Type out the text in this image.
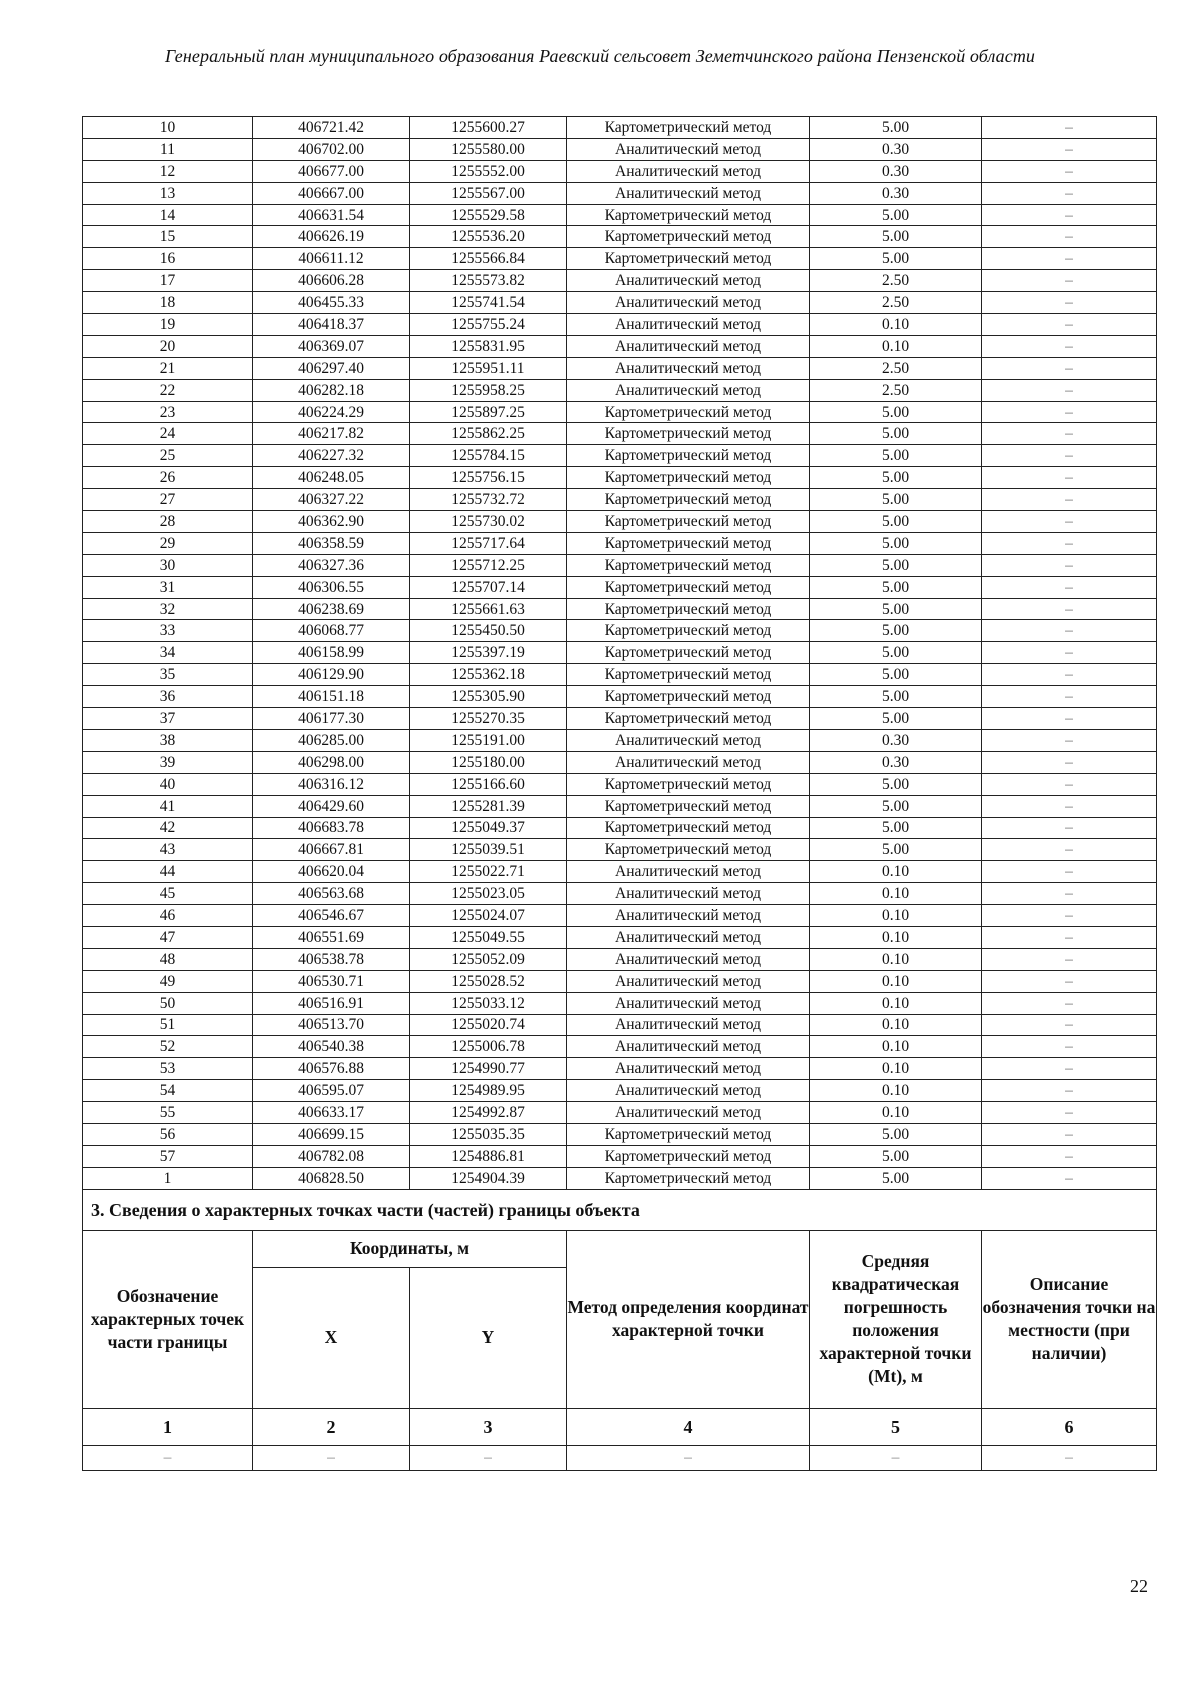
Генеральный план муниципального образования Раевский сельсовет Земетчинского района Пензенской области
10	406721.42	1255600.27	Картометрический метод	5.00	–
11	406702.00	1255580.00	Аналитический метод	0.30	–
12	406677.00	1255552.00	Аналитический метод	0.30	–
13	406667.00	1255567.00	Аналитический метод	0.30	–
14	406631.54	1255529.58	Картометрический метод	5.00	–
15	406626.19	1255536.20	Картометрический метод	5.00	–
16	406611.12	1255566.84	Картометрический метод	5.00	–
17	406606.28	1255573.82	Аналитический метод	2.50	–
18	406455.33	1255741.54	Аналитический метод	2.50	–
19	406418.37	1255755.24	Аналитический метод	0.10	–
20	406369.07	1255831.95	Аналитический метод	0.10	–
21	406297.40	1255951.11	Аналитический метод	2.50	–
22	406282.18	1255958.25	Аналитический метод	2.50	–
23	406224.29	1255897.25	Картометрический метод	5.00	–
24	406217.82	1255862.25	Картометрический метод	5.00	–
25	406227.32	1255784.15	Картометрический метод	5.00	–
26	406248.05	1255756.15	Картометрический метод	5.00	–
27	406327.22	1255732.72	Картометрический метод	5.00	–
28	406362.90	1255730.02	Картометрический метод	5.00	–
29	406358.59	1255717.64	Картометрический метод	5.00	–
30	406327.36	1255712.25	Картометрический метод	5.00	–
31	406306.55	1255707.14	Картометрический метод	5.00	–
32	406238.69	1255661.63	Картометрический метод	5.00	–
33	406068.77	1255450.50	Картометрический метод	5.00	–
34	406158.99	1255397.19	Картометрический метод	5.00	–
35	406129.90	1255362.18	Картометрический метод	5.00	–
36	406151.18	1255305.90	Картометрический метод	5.00	–
37	406177.30	1255270.35	Картометрический метод	5.00	–
38	406285.00	1255191.00	Аналитический метод	0.30	–
39	406298.00	1255180.00	Аналитический метод	0.30	–
40	406316.12	1255166.60	Картометрический метод	5.00	–
41	406429.60	1255281.39	Картометрический метод	5.00	–
42	406683.78	1255049.37	Картометрический метод	5.00	–
43	406667.81	1255039.51	Картометрический метод	5.00	–
44	406620.04	1255022.71	Аналитический метод	0.10	–
45	406563.68	1255023.05	Аналитический метод	0.10	–
46	406546.67	1255024.07	Аналитический метод	0.10	–
47	406551.69	1255049.55	Аналитический метод	0.10	–
48	406538.78	1255052.09	Аналитический метод	0.10	–
49	406530.71	1255028.52	Аналитический метод	0.10	–
50	406516.91	1255033.12	Аналитический метод	0.10	–
51	406513.70	1255020.74	Аналитический метод	0.10	–
52	406540.38	1255006.78	Аналитический метод	0.10	–
53	406576.88	1254990.77	Аналитический метод	0.10	–
54	406595.07	1254989.95	Аналитический метод	0.10	–
55	406633.17	1254992.87	Аналитический метод	0.10	–
56	406699.15	1255035.35	Картометрический метод	5.00	–
57	406782.08	1254886.81	Картометрический метод	5.00	–
1	406828.50	1254904.39	Картометрический метод	5.00	–
3. Сведения о характерных точках части (частей) границы объекта					
Обозначение характерных точек части границы	Координаты, м		Метод определения координат характерной точки	Средняя квадратическая погрешность положения характерной точки (Mt), м	Описание обозначения точки на местности (при наличии)
	X	Y			
1	2	3	4	5	6
–	–	–	–	–	–
22
